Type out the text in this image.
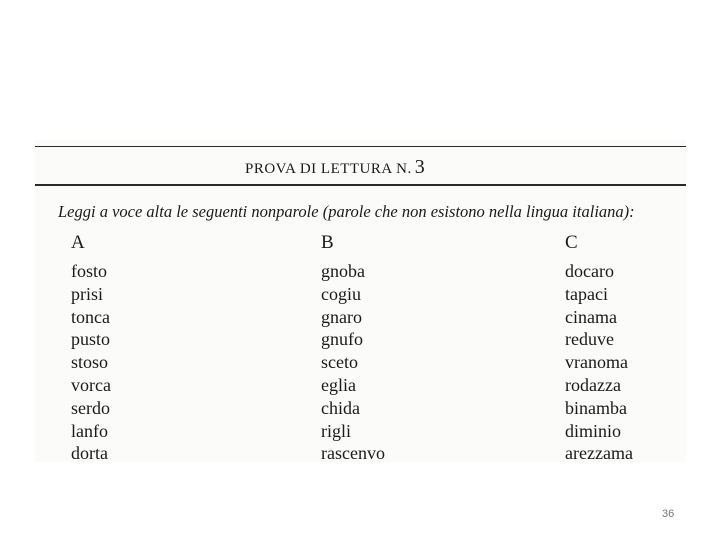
PROVA DI LETTURA N. 3
Leggi a voce alta le seguenti nonparole (parole che non esistono nella lingua italiana):
A
fosto
prisi
tonca
pusto
stoso
vorca
serdo
lanfo
dorta
B
gnoba
cogiu
gnaro
gnufo
sceto
eglia
chida
rigli
rascenvo
C
docaro
tapaci
cinama
reduve
vranoma
rodazza
binamba
diminio
arezzama
36
